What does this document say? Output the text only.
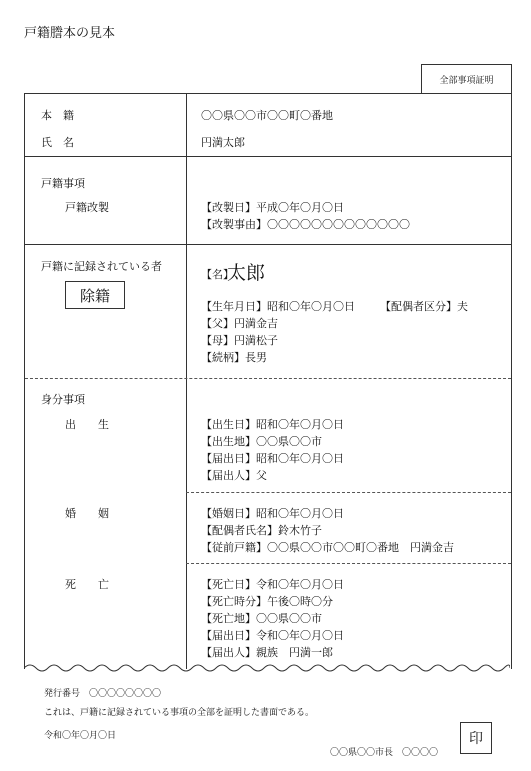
戸籍謄本の見本
全部事項証明
本　籍	〇〇県〇〇市〇〇町〇番地
氏　名	円満太郎
戸籍事項
戸籍改製	【改製日】平成〇年〇月〇日
【改製事由】〇〇〇〇〇〇〇〇〇〇〇〇〇
戸籍に記録されている者
除籍
【名】
太郎
【生年月日】昭和〇年〇月〇日 【配偶者区分】夫
【父】円満金吉
【母】円満松子
【続柄】長男
身分事項
出　　生	【出生日】昭和〇年〇月〇日
【出生地】〇〇県〇〇市
【届出日】昭和〇年〇月〇日
【届出人】父
婚　　姻	【婚姻日】昭和〇年〇月〇日
【配偶者氏名】鈴木竹子
【従前戸籍】〇〇県〇〇市〇〇町〇番地　円満金吉
死　　亡	【死亡日】令和〇年〇月〇日
【死亡時分】午後〇時〇分
【死亡地】〇〇県〇〇市
【届出日】令和〇年〇月〇日
【届出人】親族　円満一郎
発行番号　〇〇〇〇〇〇〇〇
これは、戸籍に記録されている事項の全部を証明した書面である。
令和〇年〇月〇日
〇〇県〇〇市長　〇〇〇〇
印
